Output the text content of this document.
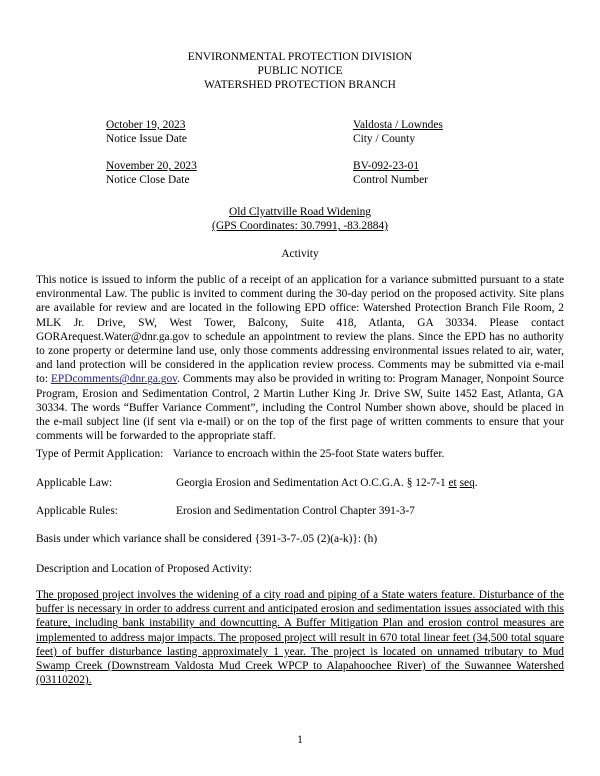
ENVIRONMENTAL PROTECTION DIVISION
PUBLIC NOTICE
WATERSHED PROTECTION BRANCH
October 19, 2023	Valdosta / Lowndes
Notice Issue Date	City / County
November 20, 2023	BV-092-23-01
Notice Close Date	Control Number
Old Clyattville Road Widening
(GPS Coordinates: 30.7991, -83.2884)
Activity
This notice is issued to inform the public of a receipt of an application for a variance submitted pursuant to a state environmental Law. The public is invited to comment during the 30-day period on the proposed activity. Site plans are available for review and are located in the following EPD office: Watershed Protection Branch File Room, 2 MLK Jr. Drive, SW, West Tower, Balcony, Suite 418, Atlanta, GA 30334. Please contact GORArequest.Water@dnr.ga.gov to schedule an appointment to review the plans. Since the EPD has no authority to zone property or determine land use, only those comments addressing environmental issues related to air, water, and land protection will be considered in the application review process. Comments may be submitted via e-mail to: EPDcomments@dnr.ga.gov. Comments may also be provided in writing to: Program Manager, Nonpoint Source Program, Erosion and Sedimentation Control, 2 Martin Luther King Jr. Drive SW, Suite 1452 East, Atlanta, GA 30334. The words “Buffer Variance Comment”, including the Control Number shown above, should be placed in the e-mail subject line (if sent via e-mail) or on the top of the first page of written comments to ensure that your comments will be forwarded to the appropriate staff.
Type of Permit Application: Variance to encroach within the 25-foot State waters buffer.
Applicable Law:	Georgia Erosion and Sedimentation Act O.C.G.A. § 12-7-1 et seq.
Applicable Rules:	Erosion and Sedimentation Control Chapter 391-3-7
Basis under which variance shall be considered {391-3-7-.05 (2)(a-k)}: (h)
Description and Location of Proposed Activity:
The proposed project involves the widening of a city road and piping of a State waters feature. Disturbance of the buffer is necessary in order to address current and anticipated erosion and sedimentation issues associated with this feature, including bank instability and downcutting. A Buffer Mitigation Plan and erosion control measures are implemented to address major impacts. The proposed project will result in 670 total linear feet (34,500 total square feet) of buffer disturbance lasting approximately 1 year. The project is located on unnamed tributary to Mud Swamp Creek (Downstream Valdosta Mud Creek WPCP to Alapahoochee River) of the Suwannee Watershed (03110202).
1
